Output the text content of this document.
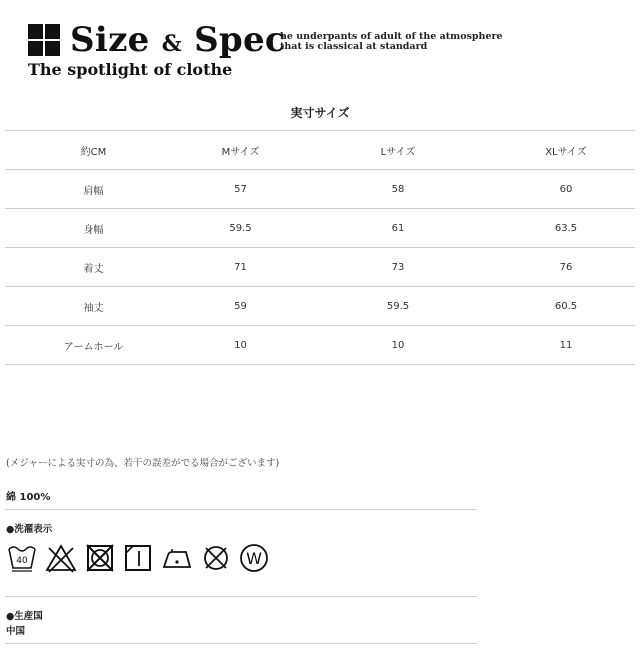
Size & Spec
The spotlight of clothe
he underpants of adult of the atmosphere
that is classical at standard
実寸サイズ
約CM	Mサイズ	Lサイズ	XLサイズ
肩幅	57	58	60
身幅	59.5	61	63.5
着丈	71	73	76
袖丈	59	59.5	60.5
アームホール	10	10	11
(メジャーによる実寸の為、若干の誤差がでる場合がございます)
綿 100%
●洗濯表示
40	W
●生産国
中国
